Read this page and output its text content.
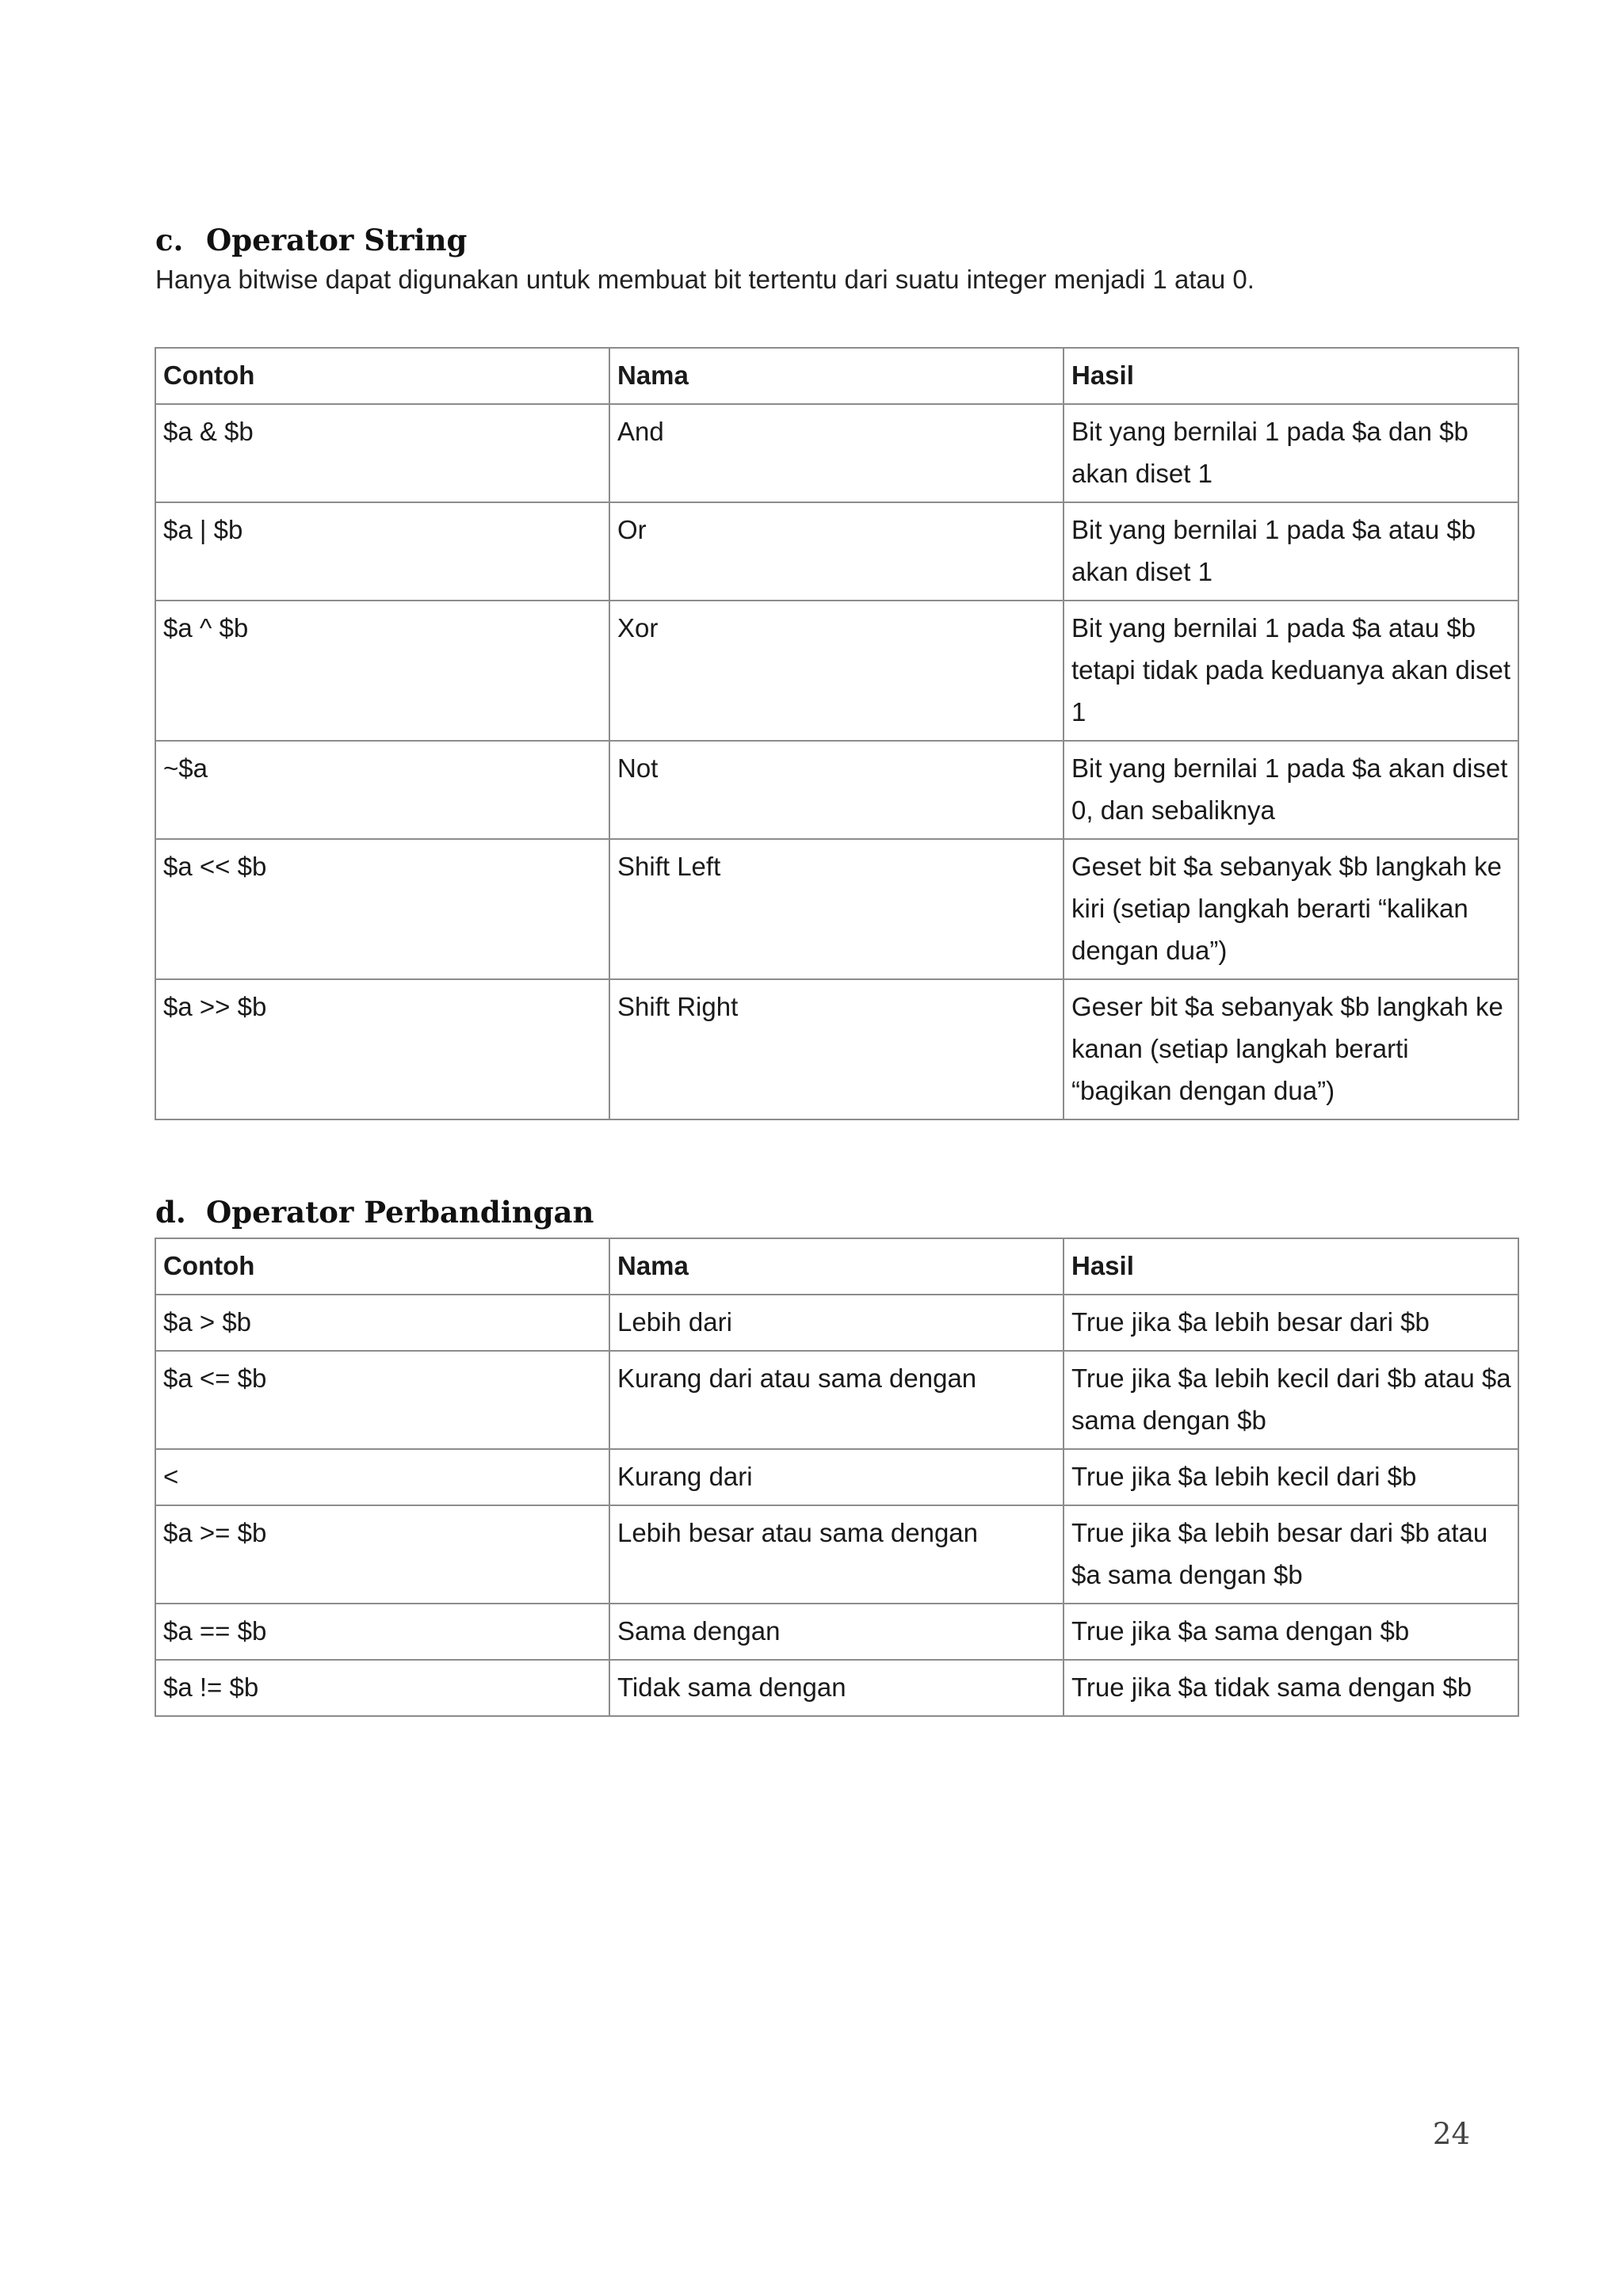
c. Operator String
Hanya bitwise dapat digunakan untuk membuat bit tertentu dari suatu integer menjadi 1 atau 0.
Contoh	Nama	Hasil
$a & $b	And	Bit yang bernilai 1 pada $a dan $b akan diset 1
$a | $b	Or	Bit yang bernilai 1 pada $a atau $b akan diset 1
$a ^ $b	Xor	Bit yang bernilai 1 pada $a atau $b tetapi tidak pada keduanya akan diset 1
~$a	Not	Bit yang bernilai 1 pada $a akan diset 0, dan sebaliknya
$a << $b	Shift Left	Geset bit $a sebanyak $b langkah ke kiri (setiap langkah berarti “kalikan dengan dua”)
$a >> $b	Shift Right	Geser bit $a sebanyak $b langkah ke kanan (setiap langkah berarti “bagikan dengan dua”)
d. Operator Perbandingan
Contoh	Nama	Hasil
$a > $b	Lebih dari	True jika $a lebih besar dari $b
$a <= $b	Kurang dari atau sama dengan	True jika $a lebih kecil dari $b atau $a sama dengan $b
<	Kurang dari	True jika $a lebih kecil dari $b
$a >= $b	Lebih besar atau sama dengan	True jika $a lebih besar dari $b atau $a sama dengan $b
$a == $b	Sama dengan	True jika $a sama dengan $b
$a != $b	Tidak sama dengan	True jika $a tidak sama dengan $b
24
